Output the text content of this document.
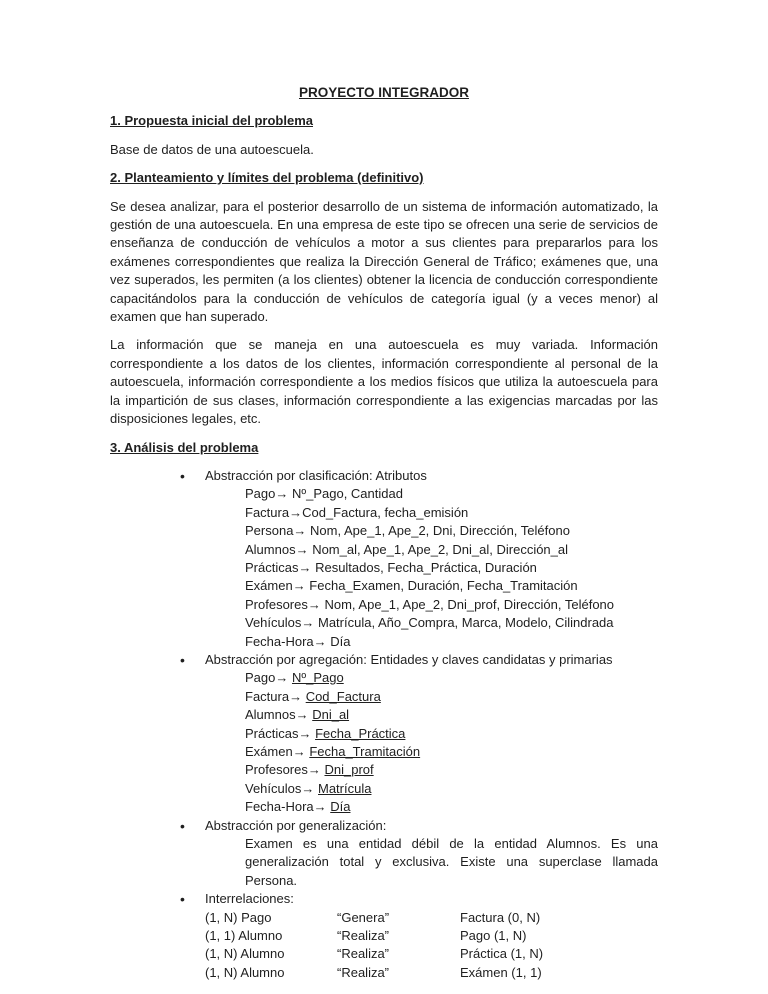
PROYECTO INTEGRADOR
1. Propuesta inicial del problema

Base de datos de una autoescuela.

2. Planteamiento y límites del problema (definitivo)

Se desea analizar, para el posterior desarrollo de un sistema de información automatizado, la gestión de una autoescuela. En una empresa de este tipo se ofrecen una serie de servicios de enseñanza de conducción de vehículos a motor a sus clientes para prepararlos para los exámenes correspondientes que realiza la Dirección General de Tráfico; exámenes que, una vez superados, les permiten (a los clientes) obtener la licencia de conducción correspondiente capacitándolos para la conducción de vehículos de categoría igual (y a veces menor) al examen que han superado.

La información que se maneja en una autoescuela es muy variada. Información correspondiente a los datos de los clientes, información correspondiente al personal de la autoescuela, información correspondiente a los medios físicos que utiliza la autoescuela para la impartición de sus clases, información correspondiente a las exigencias marcadas por las disposiciones legales, etc.

3. Análisis del problema
• Abstracción por clasificación: Atributos
Pago→ Nº_Pago, Cantidad
Factura→Cod_Factura, fecha_emisión
Persona→ Nom, Ape_1, Ape_2, Dni, Dirección, Teléfono
Alumnos→ Nom_al, Ape_1, Ape_2, Dni_al, Dirección_al
Prácticas→ Resultados, Fecha_Práctica, Duración
Exámen→ Fecha_Examen, Duración, Fecha_Tramitación
Profesores→ Nom, Ape_1, Ape_2, Dni_prof, Dirección, Teléfono
Vehículos→ Matrícula, Año_Compra, Marca, Modelo, Cilindrada
Fecha-Hora→ Día
• Abstracción por agregación: Entidades y claves candidatas y primarias
Pago→ Nº_Pago
Factura→ Cod_Factura
Alumnos→ Dni_al
Prácticas→ Fecha_Práctica
Exámen→ Fecha_Tramitación
Profesores→ Dni_prof
Vehículos→ Matrícula
Fecha-Hora→ Día
• Abstracción por generalización:
Examen es una entidad débil de la entidad Alumnos. Es una generalización total y exclusiva. Existe una superclase llamada Persona.
• Interrelaciones:
(1, N) Pago	“Genera”	Factura (0, N)
(1, 1) Alumno	“Realiza”	Pago (1, N)
(1, N) Alumno	“Realiza”	Práctica (1, N)
(1, N) Alumno	“Realiza”	Exámen (1, 1)
